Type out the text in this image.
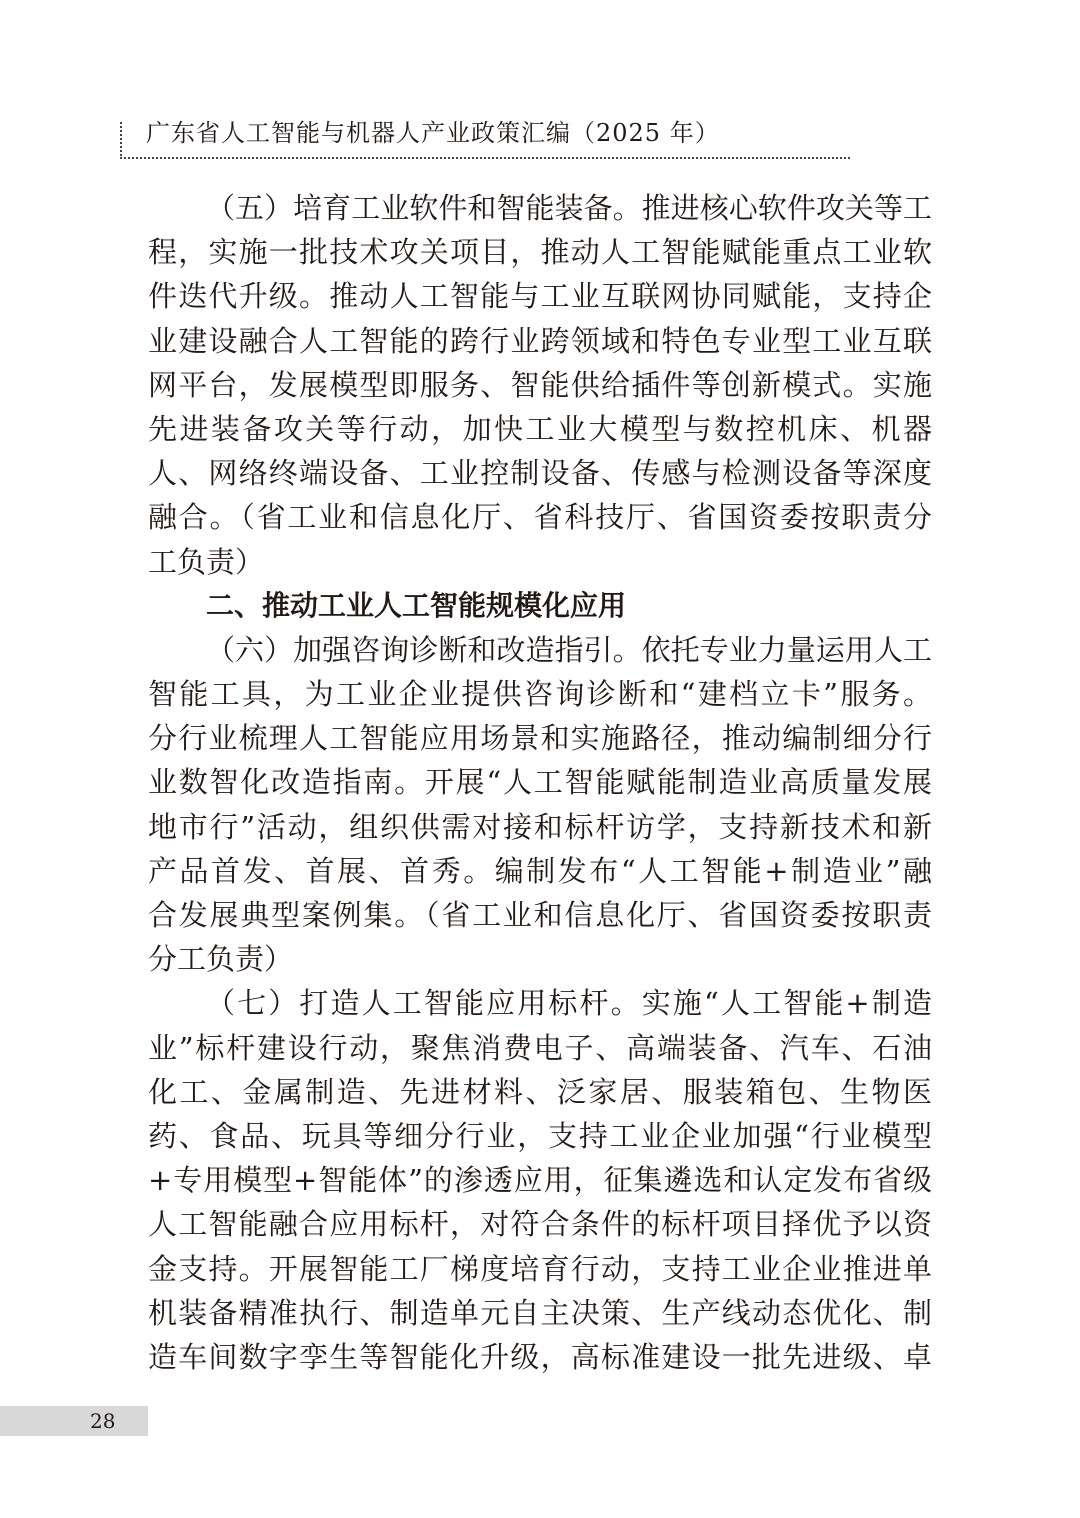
广东省人工智能与机器人产业政策汇编（2025 年）
（五）培育工业软件和智能装备。推进核心软件攻关等工
程，实施一批技术攻关项目，推动人工智能赋能重点工业软
件迭代升级。推动人工智能与工业互联网协同赋能，支持企
业建设融合人工智能的跨行业跨领域和特色专业型工业互联
网平台，发展模型即服务、智能供给插件等创新模式。实施
先进装备攻关等行动，加快工业大模型与数控机床、机器
人、网络终端设备、工业控制设备、传感与检测设备等深度
融合。（省工业和信息化厅、省科技厅、省国资委按职责分
工负责）
二、推动工业人工智能规模化应用
（六）加强咨询诊断和改造指引。依托专业力量运用人工
智能工具，为工业企业提供咨询诊断和“建档立卡”服务。
分行业梳理人工智能应用场景和实施路径，推动编制细分行
业数智化改造指南。开展“人工智能赋能制造业高质量发展
地市行”活动，组织供需对接和标杆访学，支持新技术和新
产品首发、首展、首秀。编制发布“人工智能+制造业”融
合发展典型案例集。（省工业和信息化厅、省国资委按职责
分工负责）
（七）打造人工智能应用标杆。实施“人工智能+制造
业”标杆建设行动，聚焦消费电子、高端装备、汽车、石油
化工、金属制造、先进材料、泛家居、服装箱包、生物医
药、食品、玩具等细分行业，支持工业企业加强“行业模型
+专用模型+智能体”的渗透应用，征集遴选和认定发布省级
人工智能融合应用标杆，对符合条件的标杆项目择优予以资
金支持。开展智能工厂梯度培育行动，支持工业企业推进单
机装备精准执行、制造单元自主决策、生产线动态优化、制
造车间数字孪生等智能化升级，高标准建设一批先进级、卓
28
